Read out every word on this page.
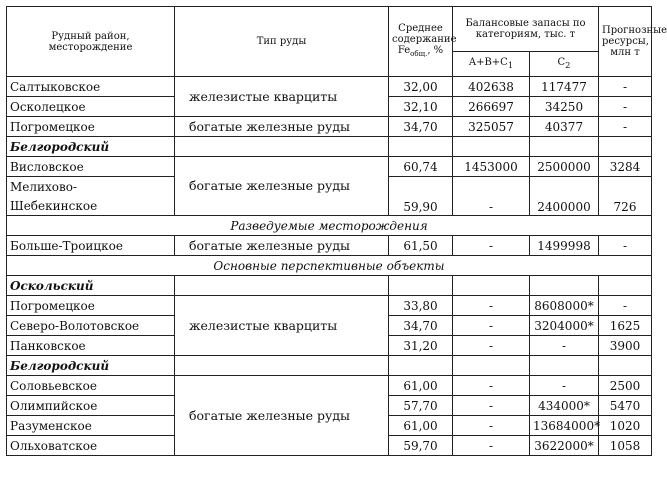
Рудный район, месторождение	Тип руды	Среднее содержание $Fe_{общ.}$, %	Балансовые запасы по категориям, тыс. т		Прогнозные ресурсы, млн т
			$A+B+C_1$	$C_2$
Салтыковское	железистые кварциты	32,00	402638	117477	-
Осколецкое		32,10	266697	34250	-
Погромецкое	богатые железные руды	34,70	325057	40377	-
Белгородский					
Висловское	богатые железные руды	60,74	1453000	2500000	3284
Мелихово-		59,90	-	2400000	726
Шебекинское					
Разведуемые месторождения					
Больше-Троицкое	богатые железные руды	61,50	-	1499998	-
Основные перспективные объекты					
Оскольский					
Погромецкое	железистые кварциты	33,80	-	8608000*	-
Северо-Волотовское		34,70	-	3204000*	1625
Панковское		31,20	-	-	3900
Белгородский					
Соловьевское	богатые железные руды	61,00	-	-	2500
Олимпийское		57,70	-	434000*	5470
Разуменское		61,00	-	13684000*	1020
Ольховатское		59,70	-	3622000*	1058
